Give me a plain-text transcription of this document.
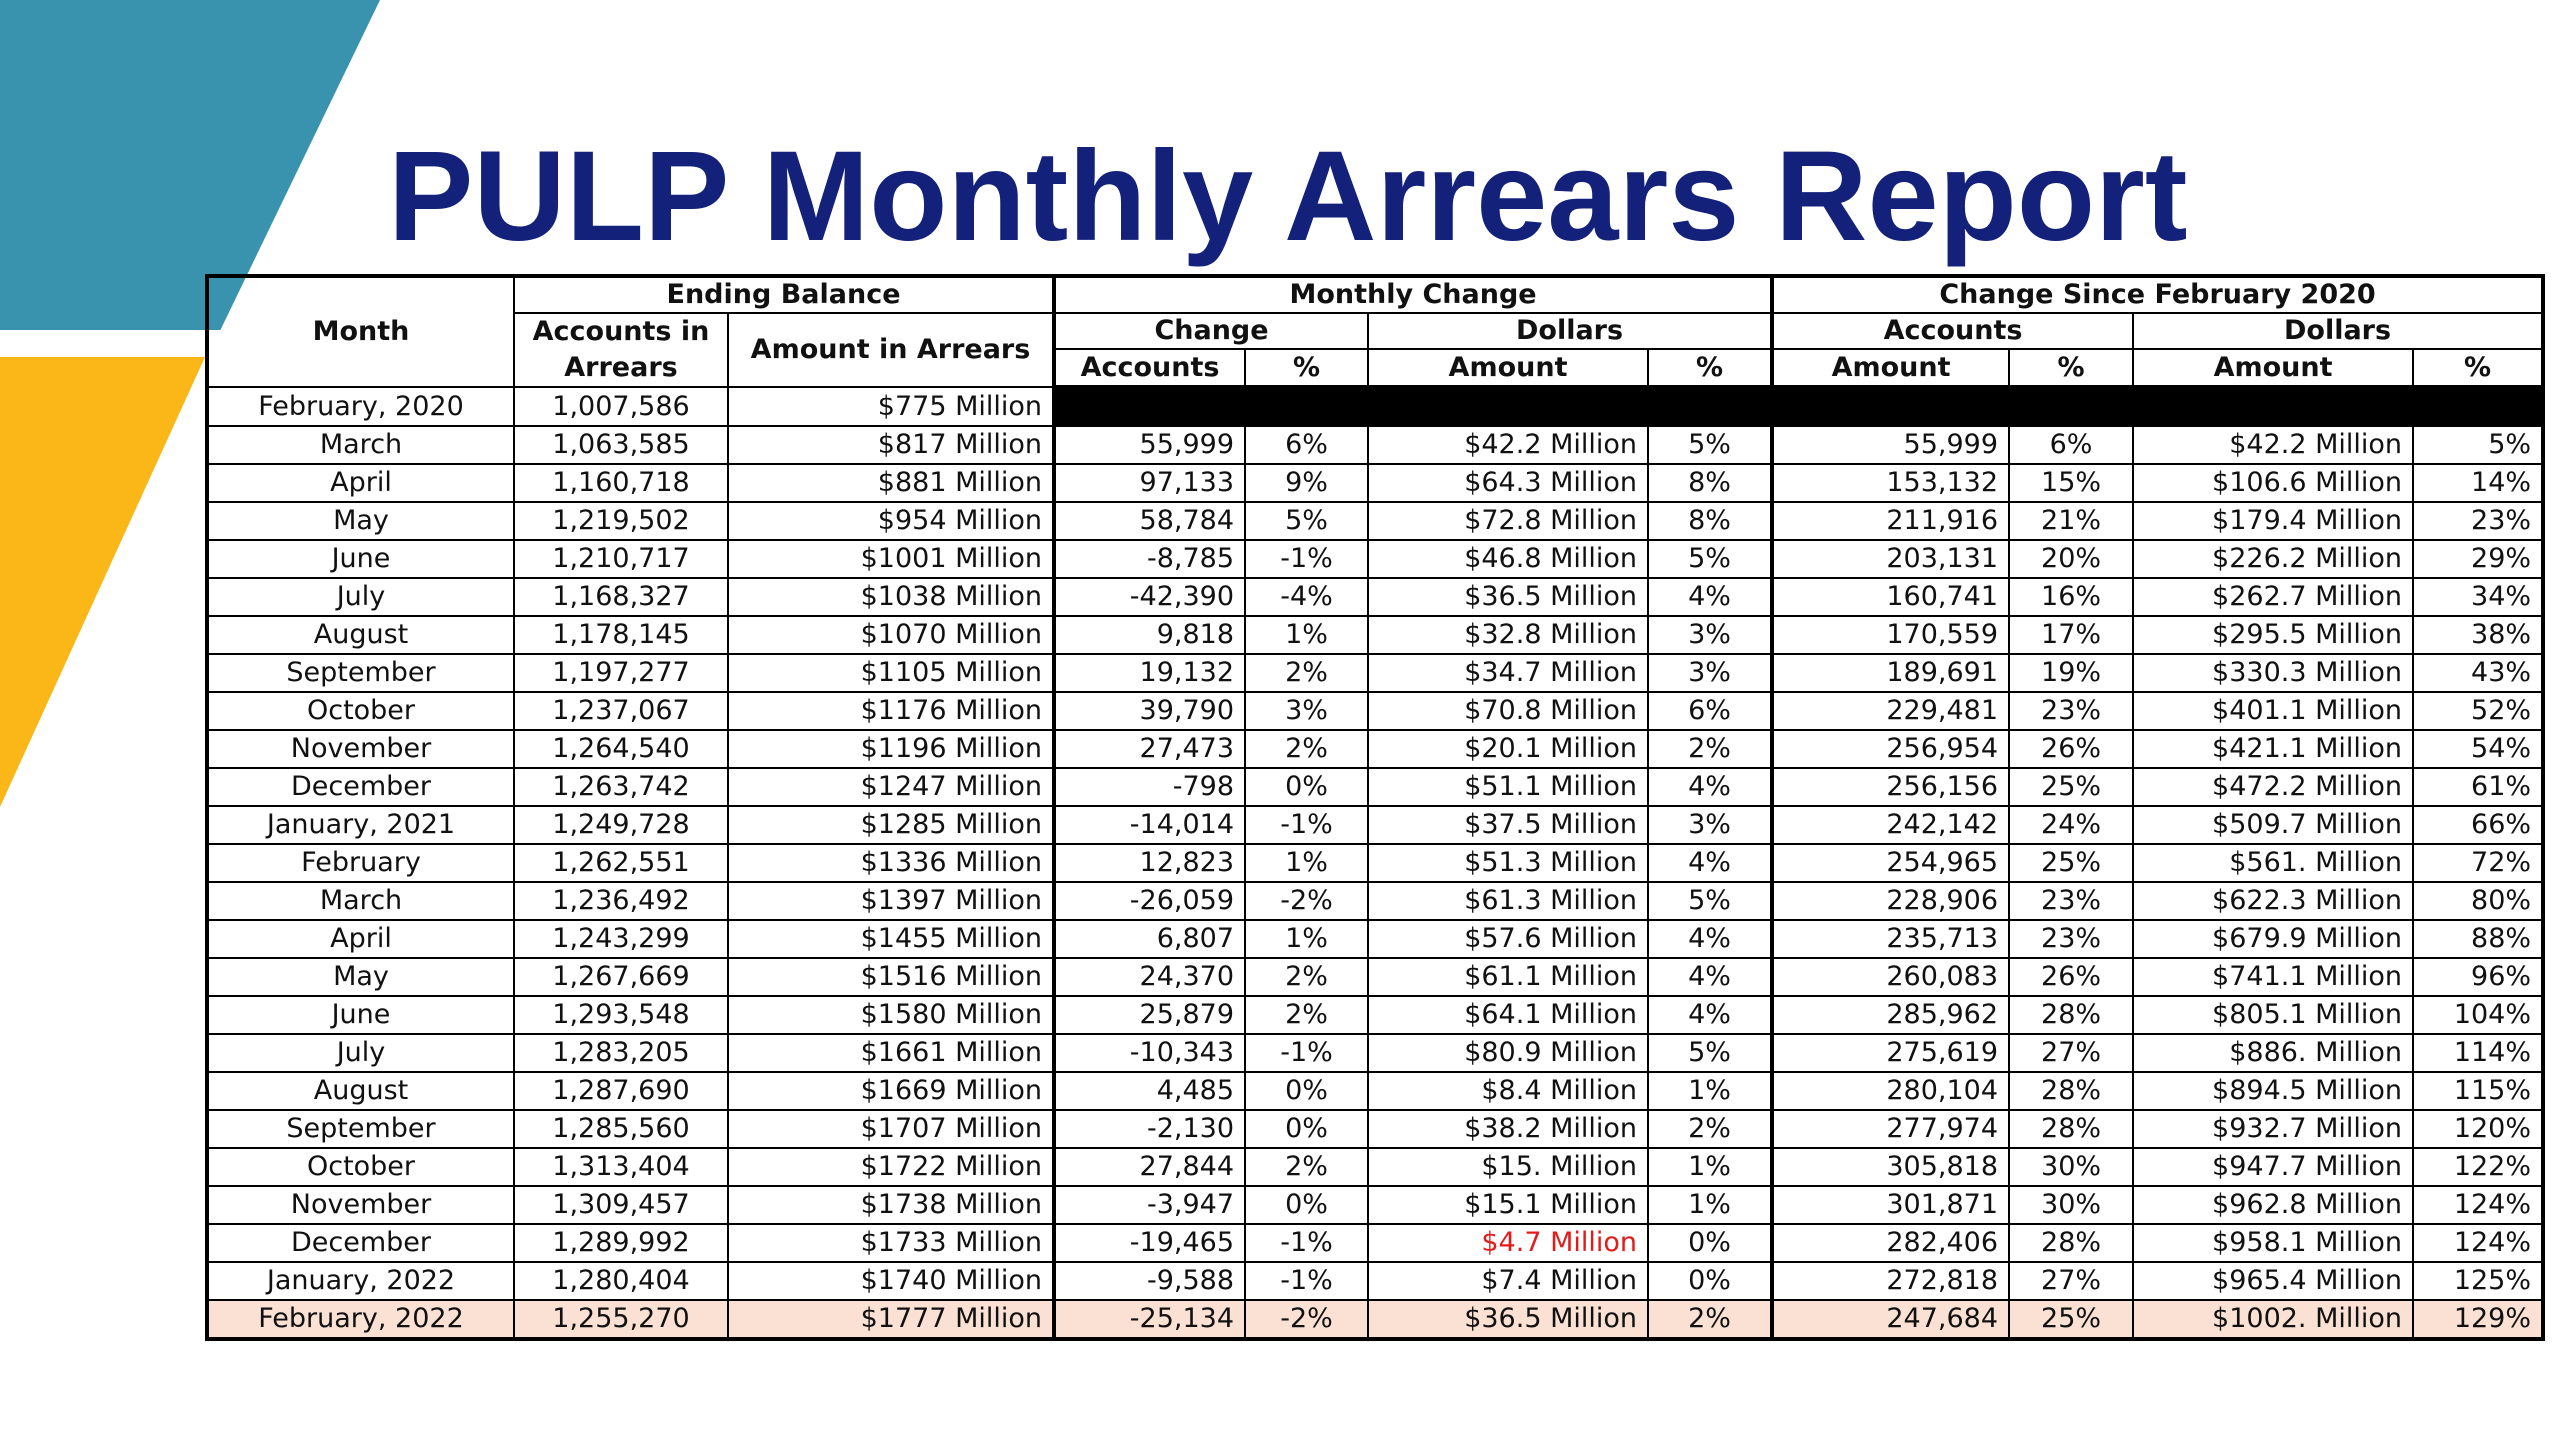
PULP Monthly Arrears Report
Month	Ending Balance		Monthly Change				Change Since February 2020			
	Accounts in Arrears	Amount in Arrears	Change		Dollars		Accounts		Dollars	
			Accounts	%	Amount	%	Amount	%	Amount	%
February, 2020	1,007,586	$775 Million								
March	1,063,585	$817 Million	55,999	6%	$42.2 Million	5%	55,999	6%	$42.2 Million	5%
April	1,160,718	$881 Million	97,133	9%	$64.3 Million	8%	153,132	15%	$106.6 Million	14%
May	1,219,502	$954 Million	58,784	5%	$72.8 Million	8%	211,916	21%	$179.4 Million	23%
June	1,210,717	$1001 Million	-8,785	-1%	$46.8 Million	5%	203,131	20%	$226.2 Million	29%
July	1,168,327	$1038 Million	-42,390	-4%	$36.5 Million	4%	160,741	16%	$262.7 Million	34%
August	1,178,145	$1070 Million	9,818	1%	$32.8 Million	3%	170,559	17%	$295.5 Million	38%
September	1,197,277	$1105 Million	19,132	2%	$34.7 Million	3%	189,691	19%	$330.3 Million	43%
October	1,237,067	$1176 Million	39,790	3%	$70.8 Million	6%	229,481	23%	$401.1 Million	52%
November	1,264,540	$1196 Million	27,473	2%	$20.1 Million	2%	256,954	26%	$421.1 Million	54%
December	1,263,742	$1247 Million	-798	0%	$51.1 Million	4%	256,156	25%	$472.2 Million	61%
January, 2021	1,249,728	$1285 Million	-14,014	-1%	$37.5 Million	3%	242,142	24%	$509.7 Million	66%
February	1,262,551	$1336 Million	12,823	1%	$51.3 Million	4%	254,965	25%	$561. Million	72%
March	1,236,492	$1397 Million	-26,059	-2%	$61.3 Million	5%	228,906	23%	$622.3 Million	80%
April	1,243,299	$1455 Million	6,807	1%	$57.6 Million	4%	235,713	23%	$679.9 Million	88%
May	1,267,669	$1516 Million	24,370	2%	$61.1 Million	4%	260,083	26%	$741.1 Million	96%
June	1,293,548	$1580 Million	25,879	2%	$64.1 Million	4%	285,962	28%	$805.1 Million	104%
July	1,283,205	$1661 Million	-10,343	-1%	$80.9 Million	5%	275,619	27%	$886. Million	114%
August	1,287,690	$1669 Million	4,485	0%	$8.4 Million	1%	280,104	28%	$894.5 Million	115%
September	1,285,560	$1707 Million	-2,130	0%	$38.2 Million	2%	277,974	28%	$932.7 Million	120%
October	1,313,404	$1722 Million	27,844	2%	$15. Million	1%	305,818	30%	$947.7 Million	122%
November	1,309,457	$1738 Million	-3,947	0%	$15.1 Million	1%	301,871	30%	$962.8 Million	124%
December	1,289,992	$1733 Million	-19,465	-1%	$4.7 Million	0%	282,406	28%	$958.1 Million	124%
January, 2022	1,280,404	$1740 Million	-9,588	-1%	$7.4 Million	0%	272,818	27%	$965.4 Million	125%
February, 2022	1,255,270	$1777 Million	-25,134	-2%	$36.5 Million	2%	247,684	25%	$1002. Million	129%
